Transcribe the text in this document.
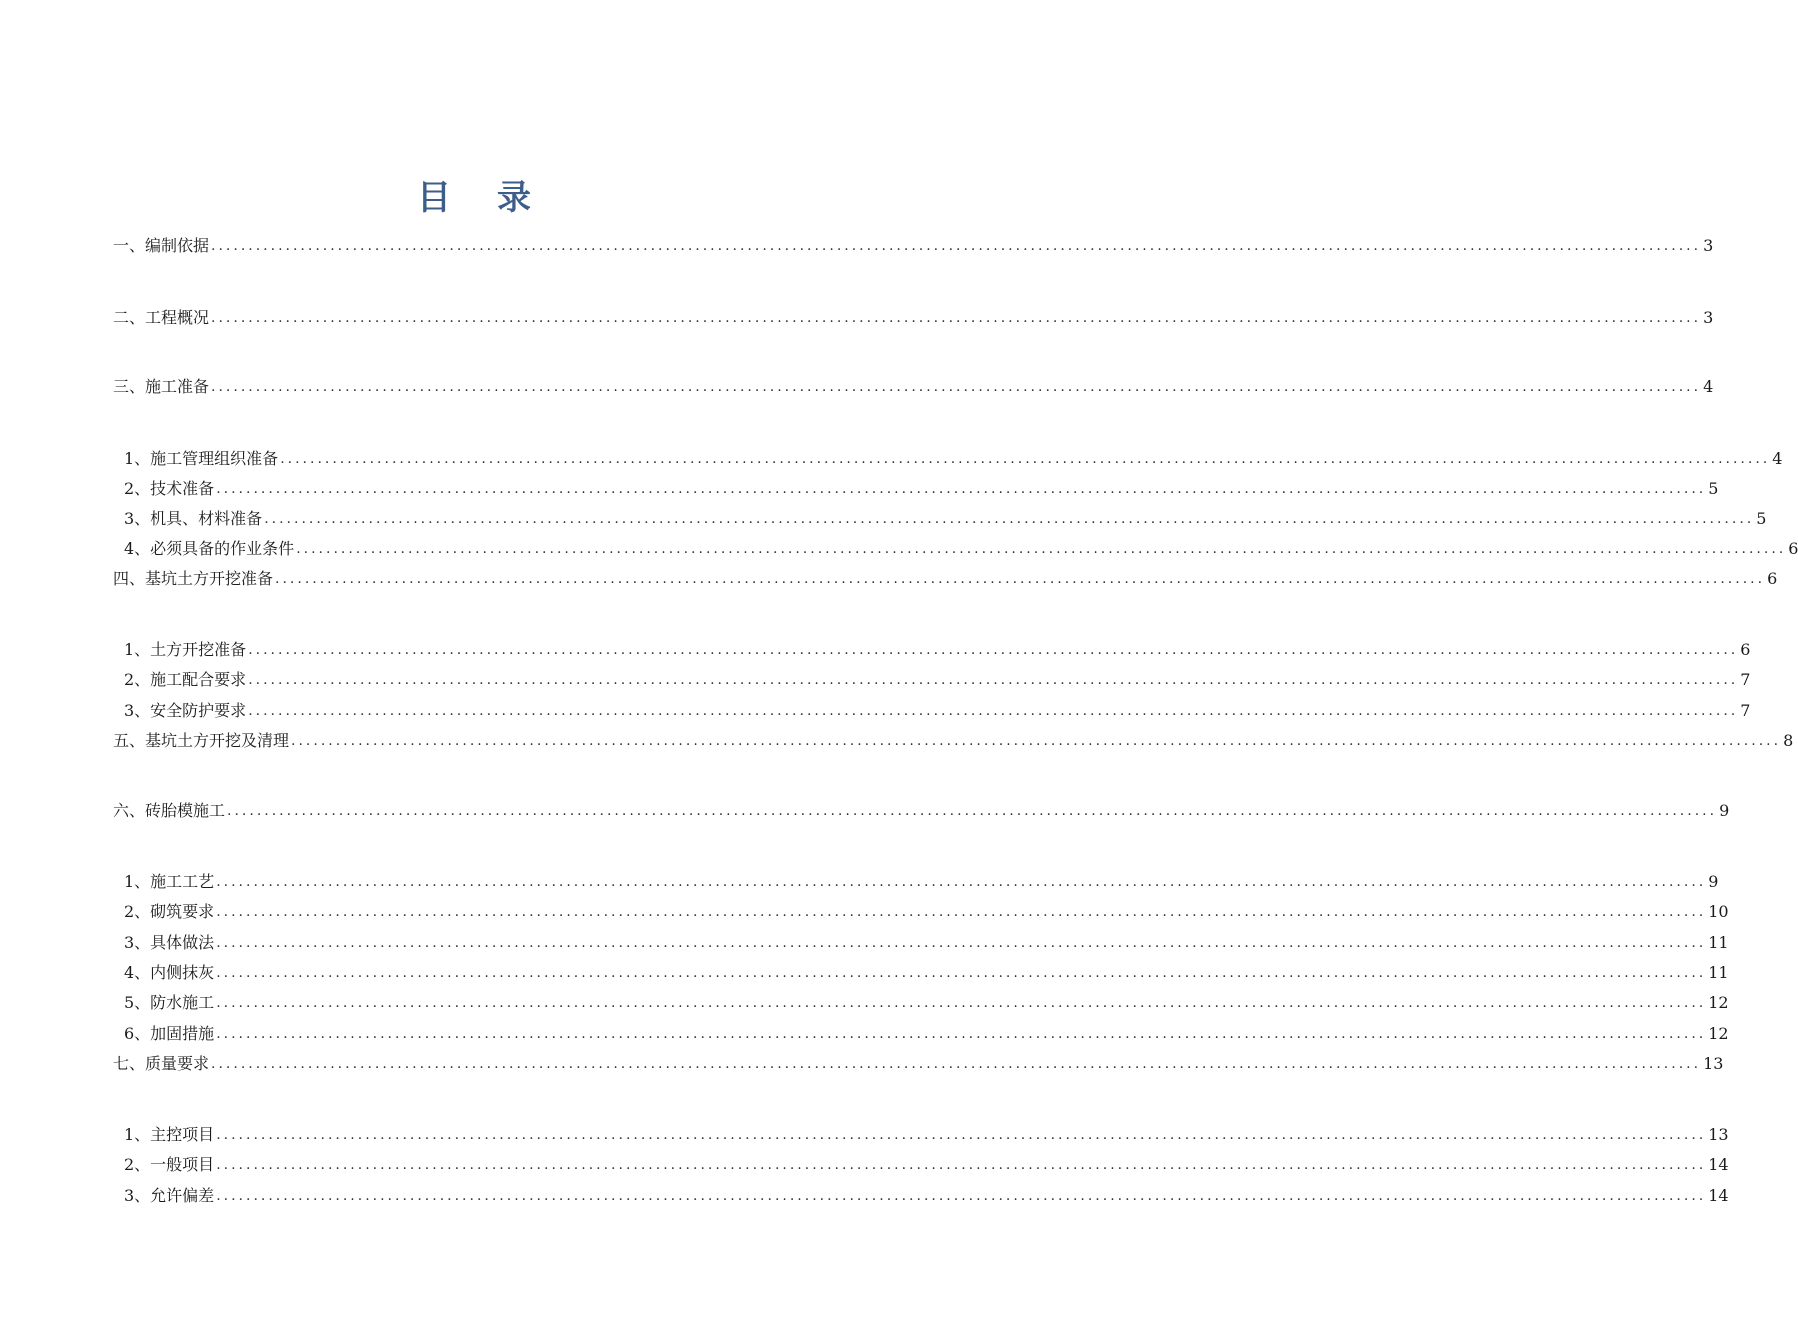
目 录
一、编制依据 ........................................................................................................................................................................................................ 3
二、工程概况 ........................................................................................................................................................................................................ 3
三、施工准备 ........................................................................................................................................................................................................ 4
1、施工管理组织准备 ........................................................................................................................................................................................................ 4
2、技术准备 ........................................................................................................................................................................................................ 5
3、机具、材料准备 ........................................................................................................................................................................................................ 5
4、必须具备的作业条件 ........................................................................................................................................................................................................ 6
四、基坑土方开挖准备 ........................................................................................................................................................................................................ 6
1、土方开挖准备 ........................................................................................................................................................................................................ 6
2、施工配合要求 ........................................................................................................................................................................................................ 7
3、安全防护要求 ........................................................................................................................................................................................................ 7
五、基坑土方开挖及清理 ........................................................................................................................................................................................................ 8
六、砖胎模施工 ........................................................................................................................................................................................................ 9
1、施工工艺 ........................................................................................................................................................................................................ 9
2、砌筑要求 ........................................................................................................................................................................................................ 10
3、具体做法 ........................................................................................................................................................................................................ 11
4、内侧抹灰 ........................................................................................................................................................................................................ 11
5、防水施工 ........................................................................................................................................................................................................ 12
6、加固措施 ........................................................................................................................................................................................................ 12
七、质量要求 ........................................................................................................................................................................................................ 13
1、主控项目 ........................................................................................................................................................................................................ 13
2、一般项目 ........................................................................................................................................................................................................ 14
3、允许偏差 ........................................................................................................................................................................................................ 14
